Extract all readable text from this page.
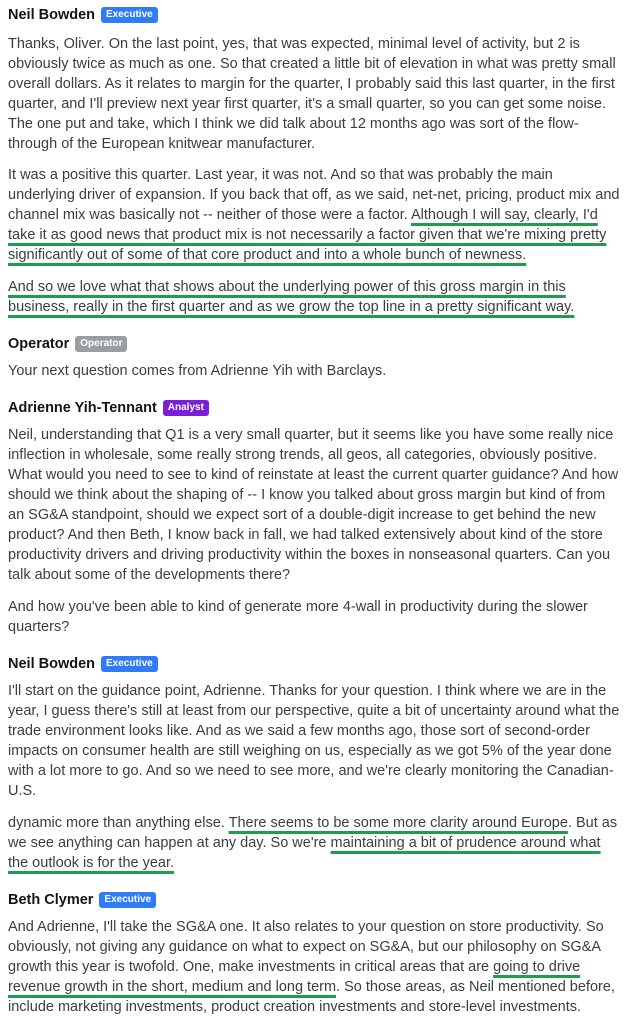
Neil Bowden	Executive

Thanks, Oliver. On the last point, yes, that was expected, minimal level of activity, but 2 is obviously twice as much as one. So that created a little bit of elevation in what was pretty small overall dollars. As it relates to margin for the quarter, I probably said this last quarter, in the first quarter, and I'll preview next year first quarter, it's a small quarter, so you can get some noise. The one put and take, which I think we did talk about 12 months ago was sort of the flow-through of the European knitwear manufacturer.

It was a positive this quarter. Last year, it was not. And so that was probably the main underlying driver of expansion. If you back that off, as we said, net-net, pricing, product mix and channel mix was basically not -- neither of those were a factor. Although I will say, clearly, I'd take it as good news that product mix is not necessarily a factor given that we're mixing pretty significantly out of some of that core product and into a whole bunch of newness.

And so we love what that shows about the underlying power of this gross margin in this business, really in the first quarter and as we grow the top line in a pretty significant way.

Operator	Operator

Your next question comes from Adrienne Yih with Barclays.

Adrienne Yih-Tennant	Analyst

Neil, understanding that Q1 is a very small quarter, but it seems like you have some really nice inflection in wholesale, some really strong trends, all geos, all categories, obviously positive. What would you need to see to kind of reinstate at least the current quarter guidance? And how should we think about the shaping of -- I know you talked about gross margin but kind of from an SG&A standpoint, should we expect sort of a double-digit increase to get behind the new product? And then Beth, I know back in fall, we had talked extensively about kind of the store productivity drivers and driving productivity within the boxes in nonseasonal quarters. Can you talk about some of the developments there?

And how you've been able to kind of generate more 4-wall in productivity during the slower quarters?

Neil Bowden	Executive

I'll start on the guidance point, Adrienne. Thanks for your question. I think where we are in the year, I guess there's still at least from our perspective, quite a bit of uncertainty around what the trade environment looks like. And as we said a few months ago, those sort of second-order impacts on consumer health are still weighing on us, especially as we got 5% of the year done with a lot more to go. And so we need to see more, and we're clearly monitoring the Canadian-U.S.

dynamic more than anything else. There seems to be some more clarity around Europe. But as we see anything can happen at any day. So we're maintaining a bit of prudence around what the outlook is for the year.

Beth Clymer	Executive

And Adrienne, I'll take the SG&A one. It also relates to your question on store productivity. So obviously, not giving any guidance on what to expect on SG&A, but our philosophy on SG&A growth this year is twofold. One, make investments in critical areas that are going to drive revenue growth in the short, medium and long term. So those areas, as Neil mentioned before, include marketing investments, product creation investments and store-level investments.
